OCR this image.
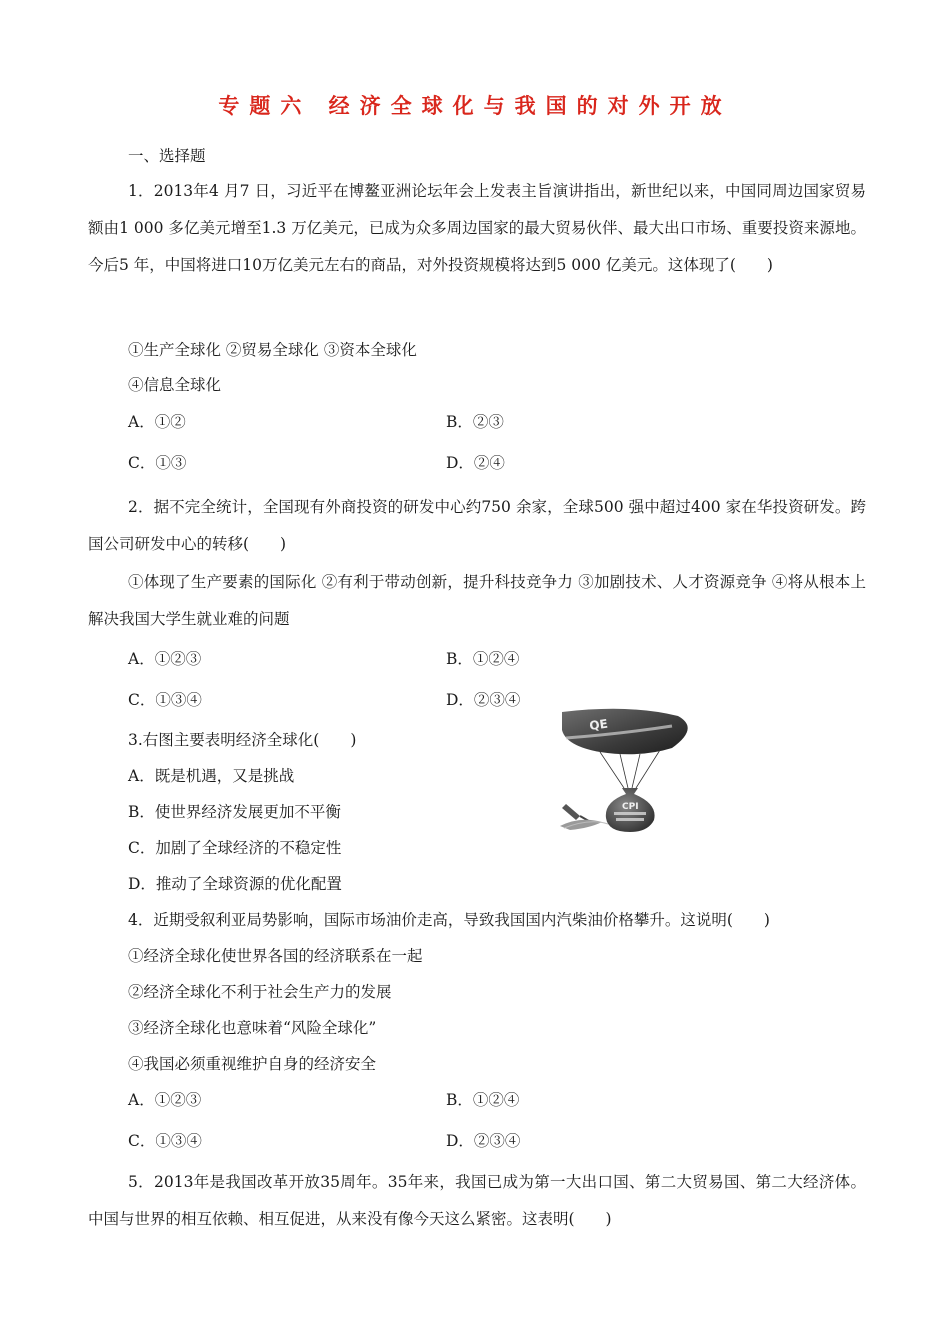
专题六 经济全球化与我国的对外开放
一、选择题
1．2013年4 月7 日，习近平在博鳌亚洲论坛年会上发表主旨演讲指出，新世纪以来，中国同周边国家贸易额由1 000 多亿美元增至1.3 万亿美元，已成为众多周边国家的最大贸易伙伴、最大出口市场、重要投资来源地。今后5 年，中国将进口10万亿美元左右的商品，对外投资规模将达到5 000 亿美元。这体现了(　　)
①生产全球化 ②贸易全球化 ③资本全球化
④信息全球化
A．①②	B．②③
C．①③	D．②④
2．据不完全统计，全国现有外商投资的研发中心约750 余家，全球500 强中超过400 家在华投资研发。跨国公司研发中心的转移(　　)
①体现了生产要素的国际化 ②有利于带动创新，提升科技竞争力 ③加剧技术、人才资源竞争 ④将从根本上解决我国大学生就业难的问题
A．①②③	B．①②④
C．①③④	D．②③④
3.右图主要表明经济全球化(　　)
A．既是机遇，又是挑战
B．使世界经济发展更加不平衡
C．加剧了全球经济的不稳定性
D．推动了全球资源的优化配置
QE
CPI
4．近期受叙利亚局势影响，国际市场油价走高，导致我国国内汽柴油价格攀升。这说明(　　)
①经济全球化使世界各国的经济联系在一起
②经济全球化不利于社会生产力的发展
③经济全球化也意味着“风险全球化”
④我国必须重视维护自身的经济安全
A．①②③	B．①②④
C．①③④	D．②③④
5．2013年是我国改革开放35周年。35年来，我国已成为第一大出口国、第二大贸易国、第二大经济体。中国与世界的相互依赖、相互促进，从来没有像今天这么紧密。这表明(　　)
